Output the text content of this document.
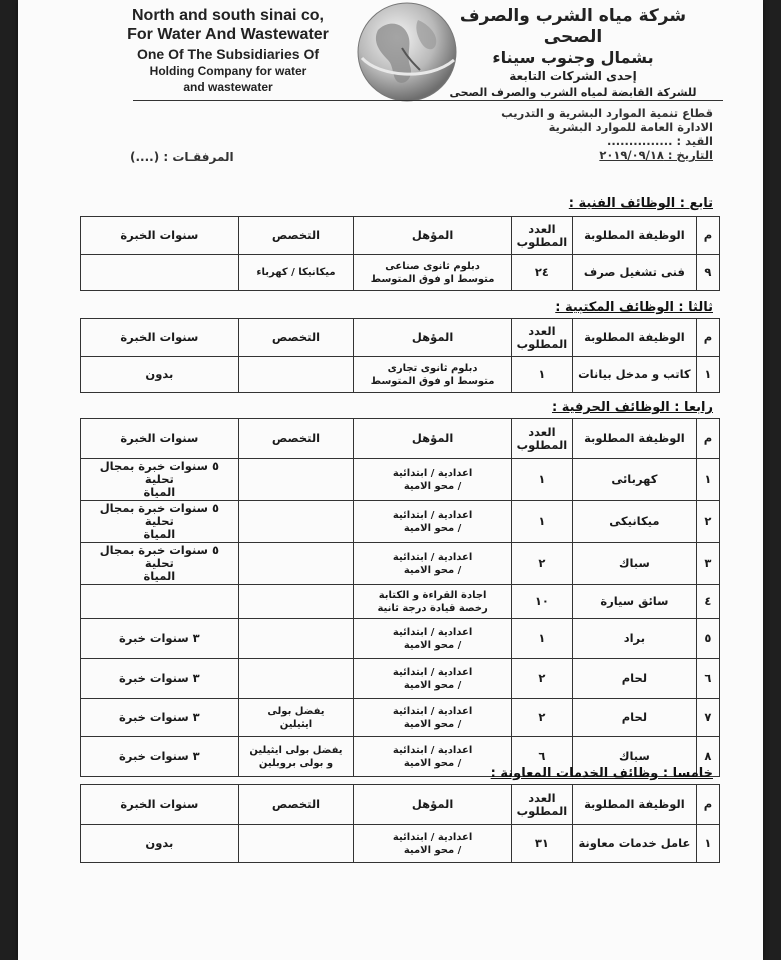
North and south sinai co,
For Water And Wastewater
One Of The Subsidiaries Of
Holding Company for water
and wastewater
شركة مياه الشرب والصرف الصحى
بشمال وجنوب سيناء
إحدى الشركات التابعة
للشركة القابضة لمياه الشرب والصرف الصحى
قطاع تنمية الموارد البشرية و التدريب
الادارة العامة للموارد البشرية
القيد : ...............
التاريخ : ٢٠١٩/٠٩/١٨
المرفقـات : (....)
تابع : الوظائف الفنية :
م	الوظيفة المطلوبة	العدد المطلوب	المؤهل	التخصص	سنوات الخبرة
٩	فنى تشغيل صرف	٢٤	دبلوم ثانوى صناعى
متوسط او فوق المتوسط	ميكانيكا / كهرباء	
ثالثا : الوظائف المكتبية :
م	الوظيفة المطلوبة	العدد المطلوب	المؤهل	التخصص	سنوات الخبرة
١	كاتب و مدخل بيانات	١	دبلوم ثانوى تجارى
متوسط او فوق المتوسط		بدون
رابعا : الوظائف الحرفية :
م	الوظيفة المطلوبة	العدد المطلوب	المؤهل	التخصص	سنوات الخبرة
١	كهربائى	١	اعدادية / ابتدائية
/ محو الامية		٥ سنوات خبرة بمجال تحلية
المياة
٢	ميكانيكى	١	اعدادية / ابتدائية
/ محو الامية		٥ سنوات خبرة بمجال تحلية
المياة
٣	سباك	٢	اعدادية / ابتدائية
/ محو الامية		٥ سنوات خبرة بمجال تحلية
المياة
٤	سائق سيارة	١٠	اجادة القراءة و الكتابة
رخصة قيادة درجة ثانية		
٥	براد	١	اعدادية / ابتدائية
/ محو الامية		٣ سنوات خبرة
٦	لحام	٢	اعدادية / ابتدائية
/ محو الامية		٣ سنوات خبرة
٧	لحام	٢	اعدادية / ابتدائية
/ محو الامية	يفضل بولى
ايثيلين	٣ سنوات خبرة
٨	سباك	٦	اعدادية / ابتدائية
/ محو الامية	يفضل بولى ايثيلين
و بولى بروبلين	٣ سنوات خبرة
خامسا : وظائف الخدمات المعاونة :
م	الوظيفة المطلوبة	العدد المطلوب	المؤهل	التخصص	سنوات الخبرة
١	عامل خدمات معاونة	٣١	اعدادية / ابتدائية
/ محو الامية		بدون
